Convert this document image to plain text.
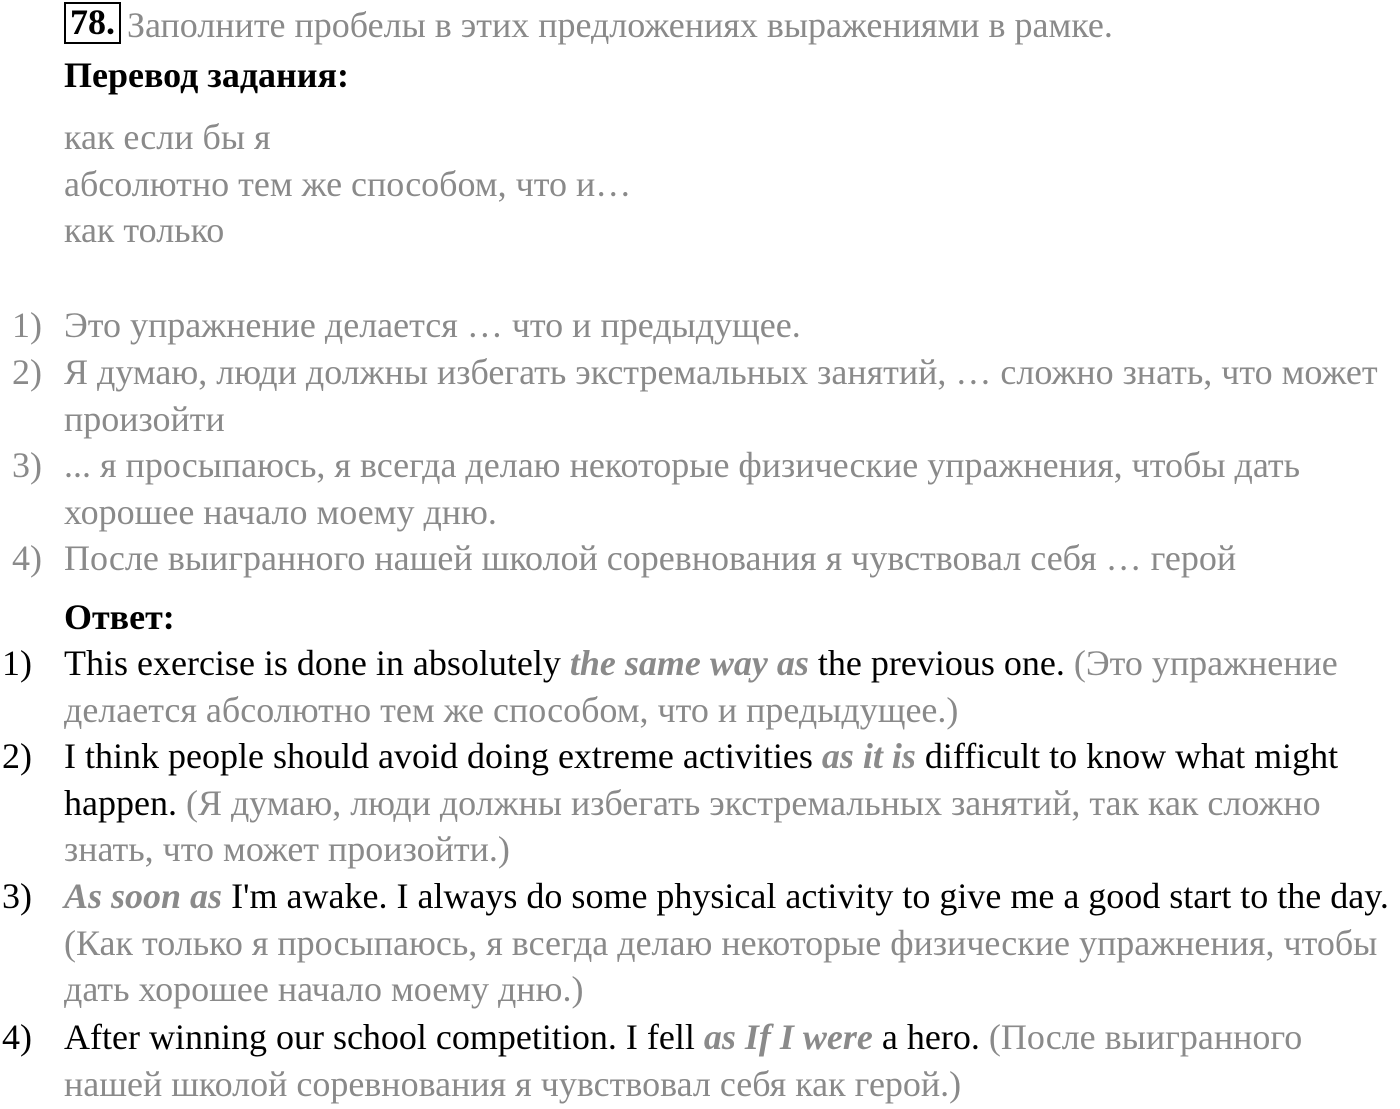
78. Заполните пробелы в этих предложениях выражениями в рамке.
Перевод задания:
как если бы я
абсолютно тем же способом, что и…
как только
1) Это упражнение делается … что и предыдущее.
2) Я думаю, люди должны избегать экстремальных занятий, … сложно знать, что может произойти
3) ... я просыпаюсь, я всегда делаю некоторые физические упражнения, чтобы дать хорошее начало моему дню.
4) После выигранного нашей школой соревнования я чувствовал себя … герой
Ответ:
1) This exercise is done in absolutely the same way as the previous one. (Это упражнение делается абсолютно тем же способом, что и предыдущее.)
2) I think people should avoid doing extreme activities as it is difficult to know what might happen. (Я думаю, люди должны избегать экстремальных занятий, так как сложно знать, что может произойти.)
3) As soon as I'm awake. I always do some physical activity to give me a good start to the day. (Как только я просыпаюсь, я всегда делаю некоторые физические упражнения, чтобы дать хорошее начало моему дню.)
4) After winning our school competition. I fell as If I were a hero. (После выигранного нашей школой соревнования я чувствовал себя как герой.)
